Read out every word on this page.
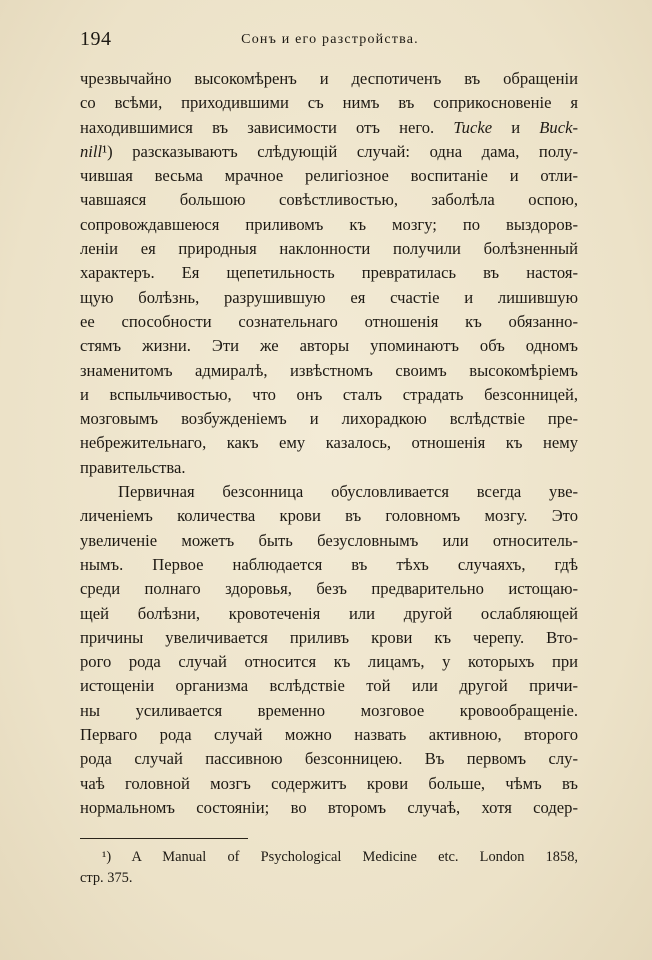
194	Сонъ и его разстройства.
чрезвычайно высокомѣренъ и деспотиченъ въ обращеніи
со всѣми, приходившими съ нимъ въ соприкосновеніе я
находившимися въ зависимости отъ него. Tucke и Buck-
nill¹) разсказываютъ слѣдующій случай: одна дама, полу-
чившая весьма мрачное религіозное воспитаніе и отли-
чавшаяся большою совѣстливостью, заболѣла оспою,
сопровождавшеюся приливомъ къ мозгу; по выздоров-
леніи ея природныя наклонности получили болѣзненный
характеръ. Ея щепетильность превратилась въ настоя-
щую болѣзнь, разрушившую ея счастіе и лишившую
ее способности сознательнаго отношенія къ обязанно-
стямъ жизни. Эти же авторы упоминаютъ объ одномъ
знаменитомъ адмиралѣ, извѣстномъ своимъ высокомѣріемъ
и вспыльчивостью, что онъ сталъ страдать безсонницей,
мозговымъ возбужденіемъ и лихорадкою вслѣдствіе пре-
небрежительнаго, какъ ему казалось, отношенія къ нему
правительства.
Первичная безсонница обусловливается всегда уве-
личеніемъ количества крови въ головномъ мозгу. Это
увеличеніе можетъ быть безусловнымъ или относитель-
нымъ. Первое наблюдается въ тѣхъ случаяхъ, гдѣ
среди полнаго здоровья, безъ предварительно истощаю-
щей болѣзни, кровотеченія или другой ослабляющей
причины увеличивается приливъ крови къ черепу. Вто-
рого рода случай относится къ лицамъ, у которыхъ при
истощеніи организма вслѣдствіе той или другой причи-
ны усиливается временно мозговое кровообращеніе.
Перваго рода случай можно назвать активною, второго
рода случай пассивною безсонницею. Въ первомъ слу-
чаѣ головной мозгъ содержитъ крови больше, чѣмъ въ
нормальномъ состояніи; во второмъ случаѣ, хотя содер-
¹) A Manual of Psychological Medicine etc. London 1858,
стр. 375.
